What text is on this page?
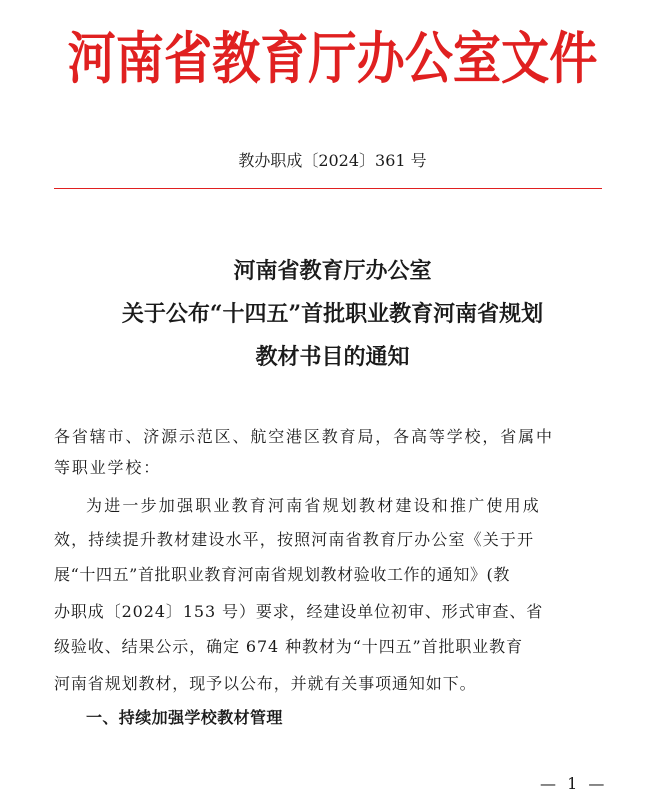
河南省教育厅办公室文件
教办职成〔2024〕361 号
河南省教育厅办公室
关于公布“十四五”首批职业教育河南省规划
教材书目的通知
各省辖市、济源示范区、航空港区教育局，各高等学校，省属中
等职业学校：
为进一步加强职业教育河南省规划教材建设和推广使用成
效，持续提升教材建设水平，按照河南省教育厅办公室《关于开
展“十四五”首批职业教育河南省规划教材验收工作的通知》(教
办职成〔2024〕153 号）要求，经建设单位初审、形式审查、省
级验收、结果公示，确定 674 种教材为“十四五”首批职业教育
河南省规划教材，现予以公布，并就有关事项通知如下。
一、持续加强学校教材管理
— 1 —
